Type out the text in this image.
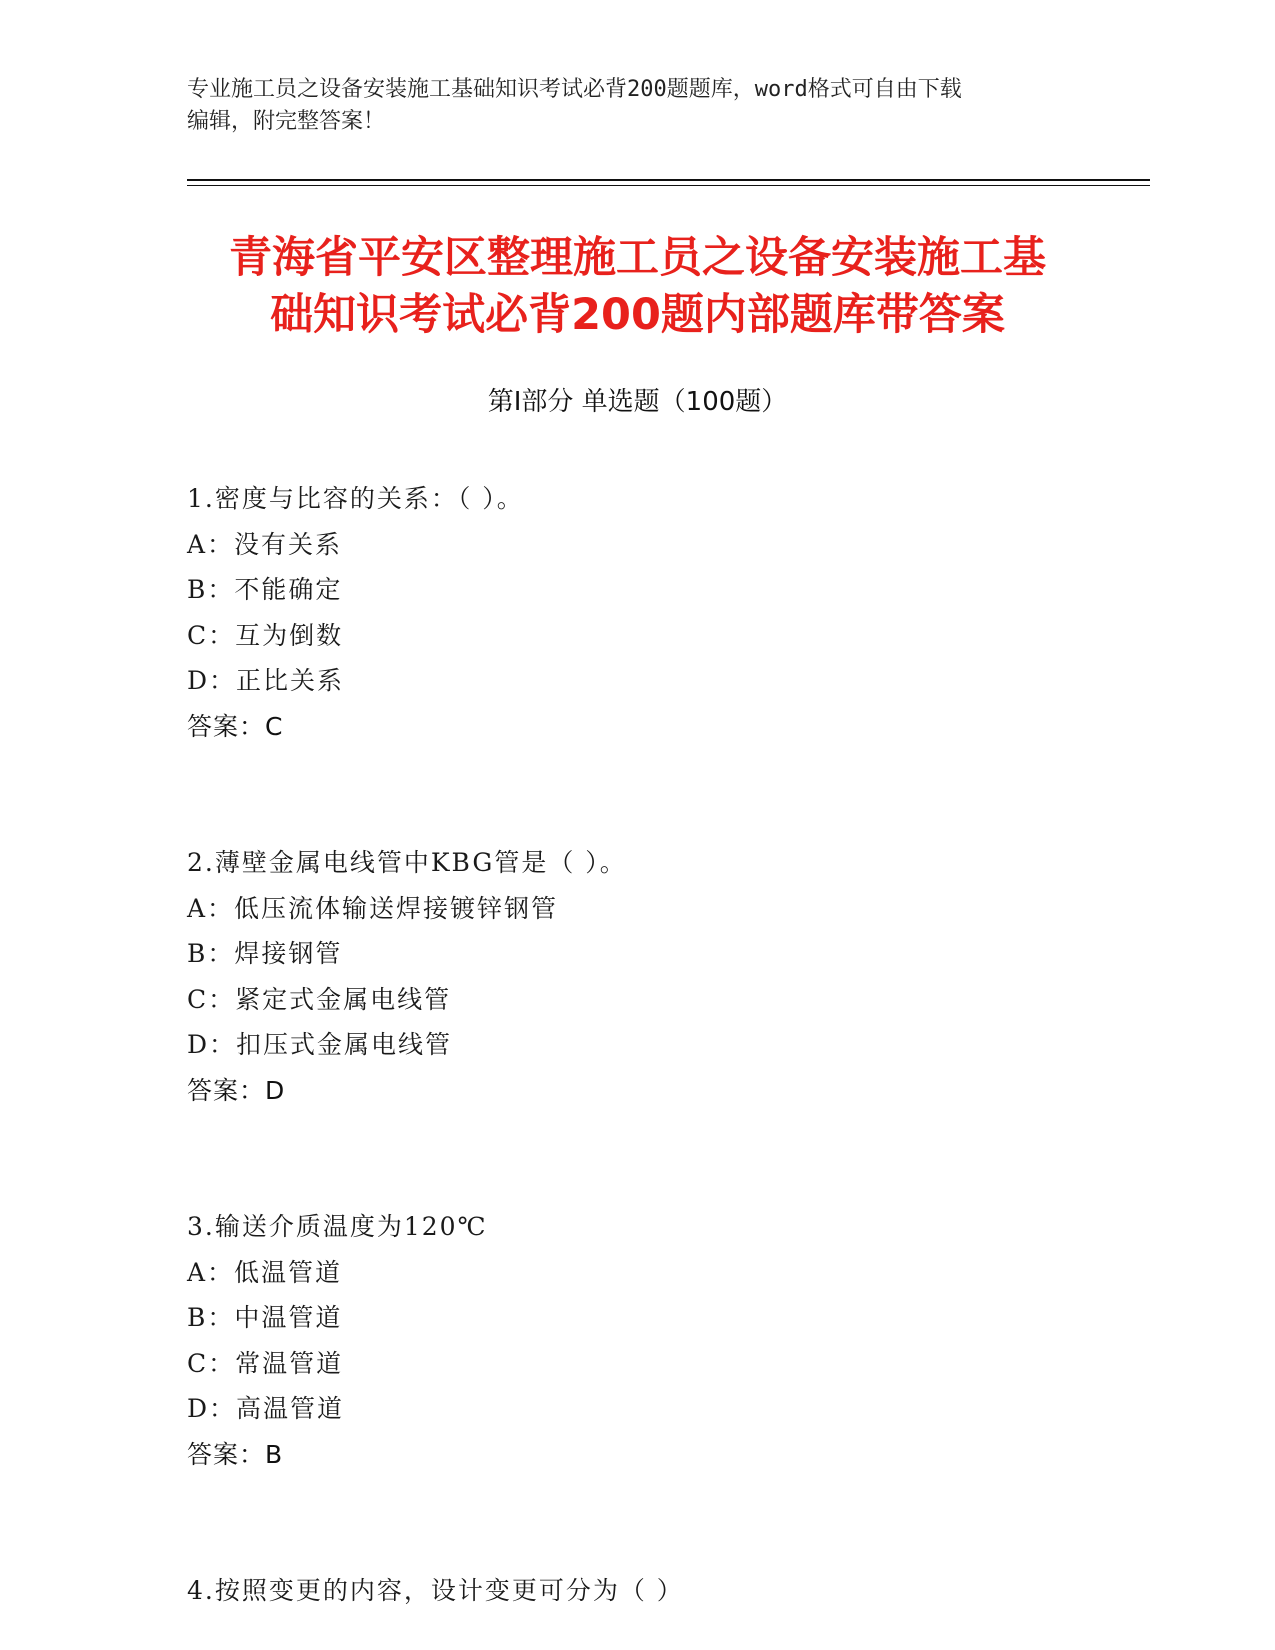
专业施工员之设备安装施工基础知识考试必背200题题库，word格式可自由下载
编辑，附完整答案！
青海省平安区整理施工员之设备安装施工基
础知识考试必背200题内部题库带答案
第Ⅰ部分 单选题（100题）
1.密度与比容的关系：（ ）。
A：没有关系
B：不能确定
C：互为倒数
D：正比关系
答案：C
2.薄壁金属电线管中KBG管是（ ）。
A：低压流体输送焊接镀锌钢管
B：焊接钢管
C：紧定式金属电线管
D：扣压式金属电线管
答案：D
3.输送介质温度为120℃
A：低温管道
B：中温管道
C：常温管道
D：高温管道
答案：B
4.按照变更的内容，设计变更可分为（ ）
